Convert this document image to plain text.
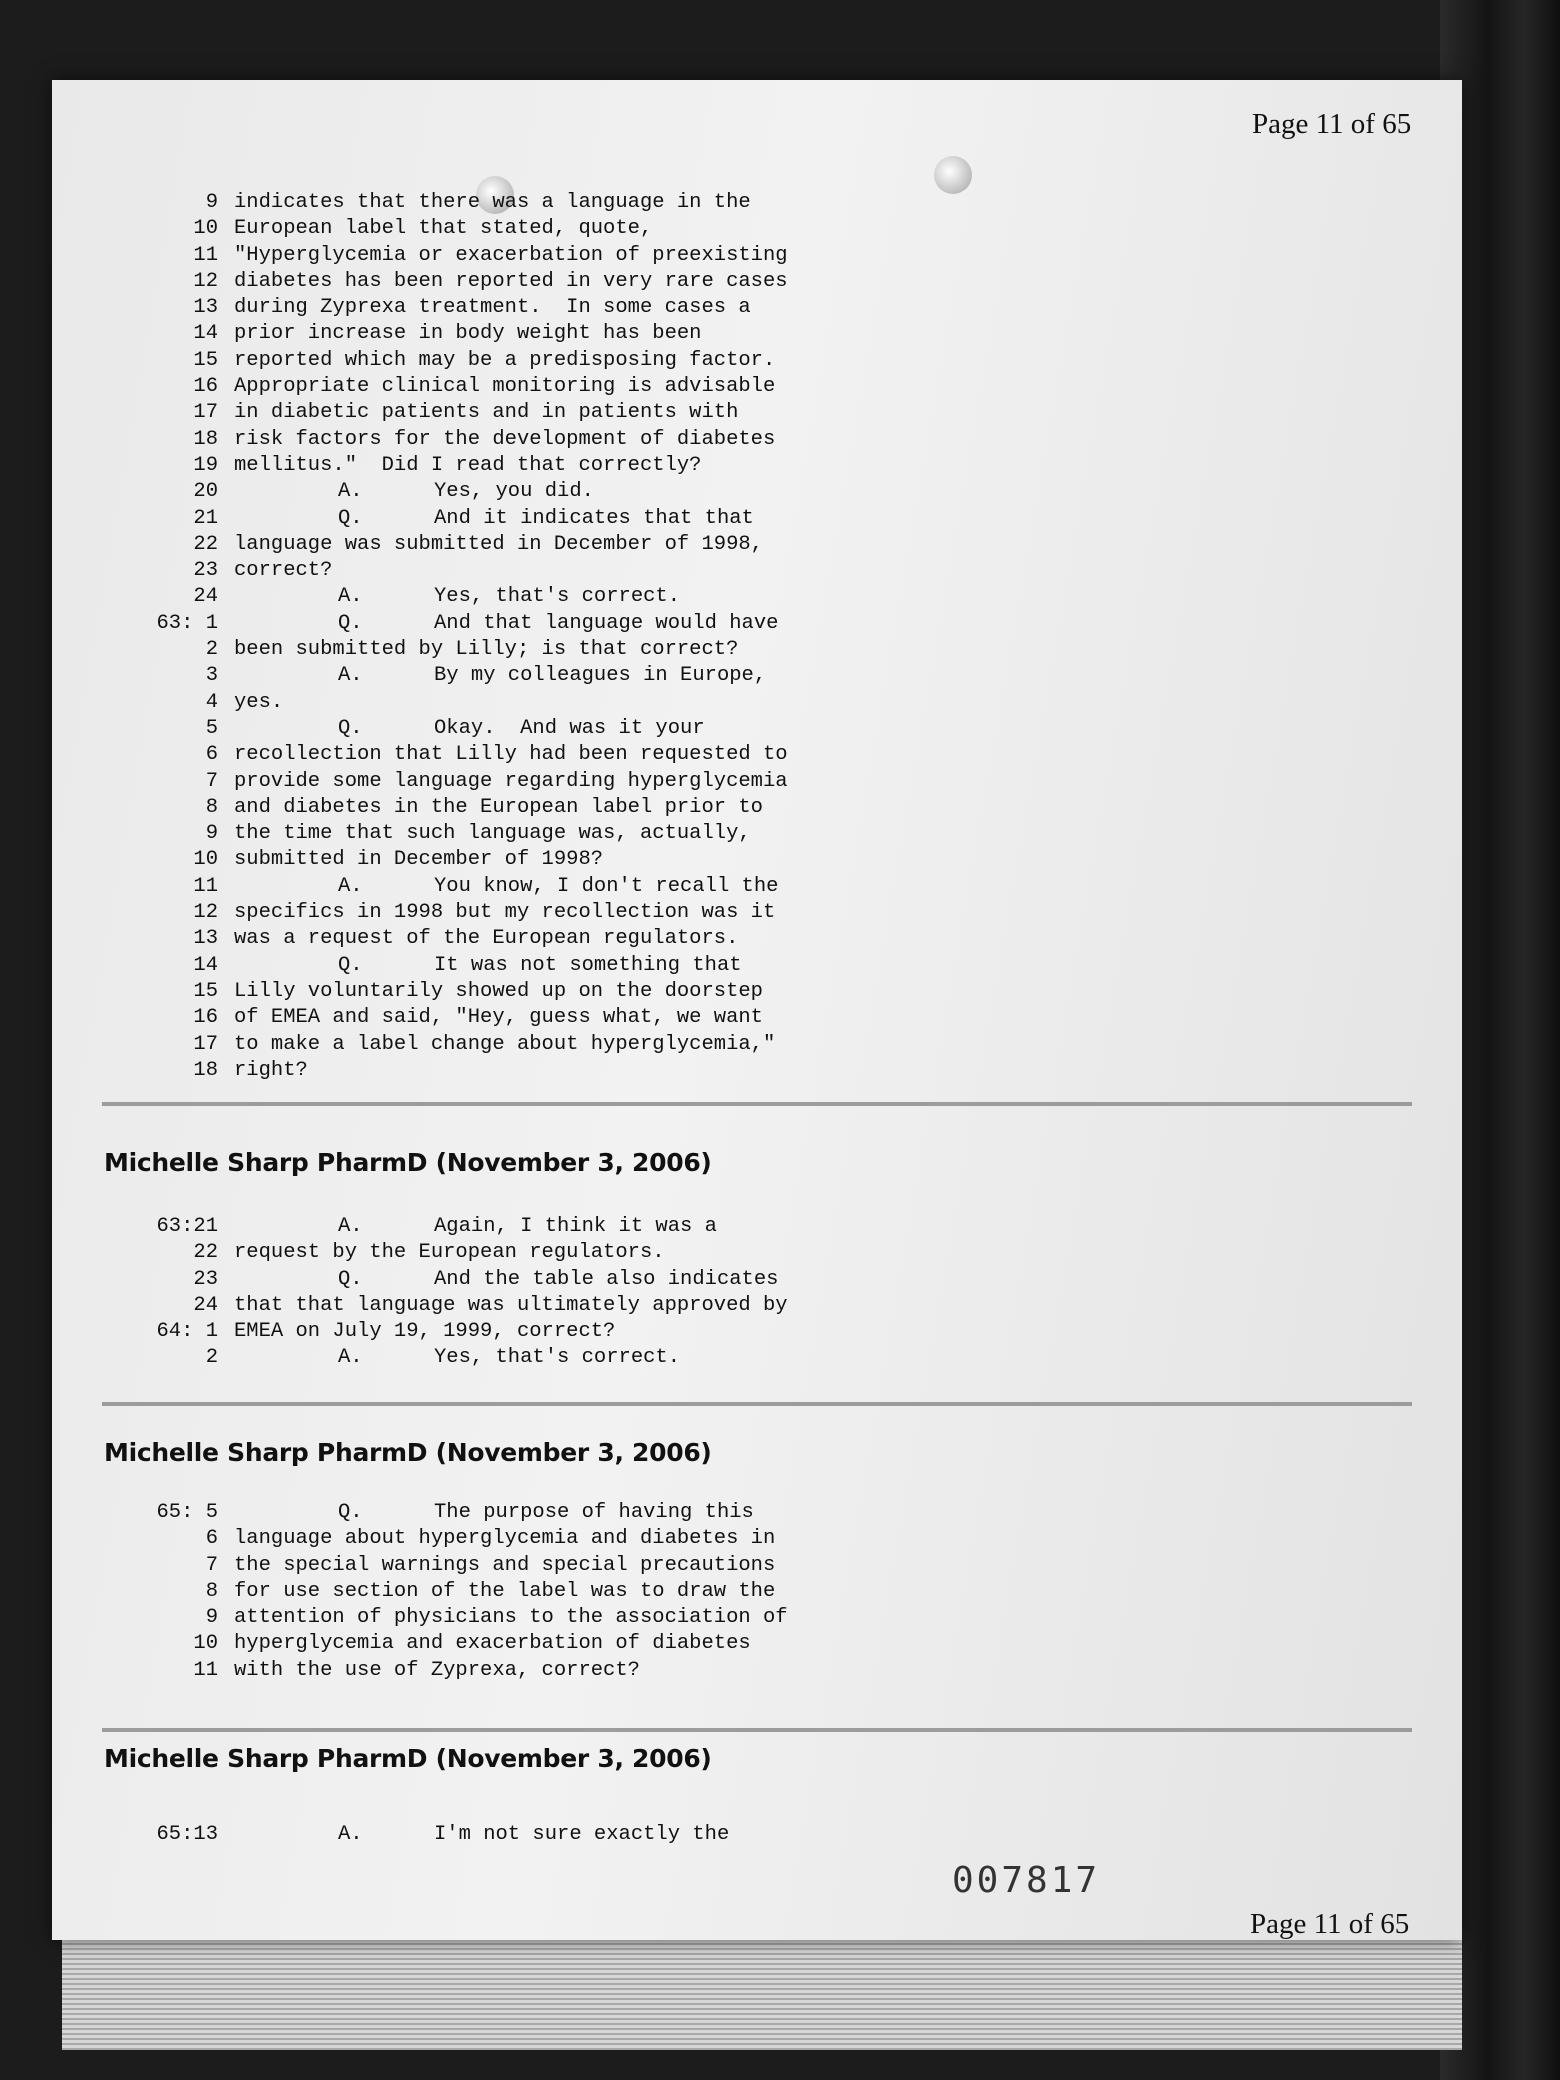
Page 11 of 65
9 indicates that there was a language in the
10 European label that stated, quote,
11 "Hyperglycemia or exacerbation of preexisting
12 diabetes has been reported in very rare cases
13 during Zyprexa treatment.  In some cases a
14 prior increase in body weight has been
15 reported which may be a predisposing factor.
16 Appropriate clinical monitoring is advisable
17 in diabetic patients and in patients with
18 risk factors for the development of diabetes
19 mellitus."  Did I read that correctly?
20	A.	Yes, you did.
21	Q.	And it indicates that that
22 language was submitted in December of 1998,
23 correct?
24	A.	Yes, that's correct.
63: 1	Q.	And that language would have
2 been submitted by Lilly; is that correct?
3	A.	By my colleagues in Europe,
4 yes.
5	Q.	Okay.  And was it your
6 recollection that Lilly had been requested to
7 provide some language regarding hyperglycemia
8 and diabetes in the European label prior to
9 the time that such language was, actually,
10 submitted in December of 1998?
11	A.	You know, I don't recall the
12 specifics in 1998 but my recollection was it
13 was a request of the European regulators.
14	Q.	It was not something that
15 Lilly voluntarily showed up on the doorstep
16 of EMEA and said, "Hey, guess what, we want
17 to make a label change about hyperglycemia,"
18 right?
Michelle Sharp PharmD (November 3, 2006)
63:21	A.	Again, I think it was a
22 request by the European regulators.
23	Q.	And the table also indicates
24 that that language was ultimately approved by
64: 1 EMEA on July 19, 1999, correct?
2	A.	Yes, that's correct.
Michelle Sharp PharmD (November 3, 2006)
65: 5	Q.	The purpose of having this
6 language about hyperglycemia and diabetes in
7 the special warnings and special precautions
8 for use section of the label was to draw the
9 attention of physicians to the association of
10 hyperglycemia and exacerbation of diabetes
11 with the use of Zyprexa, correct?
Michelle Sharp PharmD (November 3, 2006)
65:13	A.	I'm not sure exactly the
007817
Page 11 of 65
